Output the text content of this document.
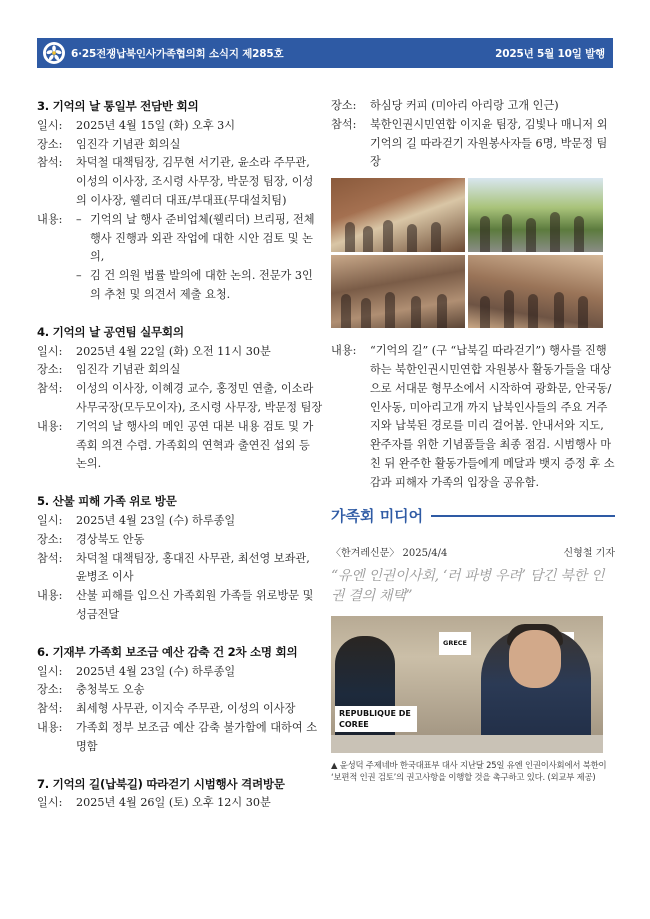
6·25전쟁납북인사가족협의회 소식지 제285호	2025년 5월 10일 발행
3. 기억의 날 통일부 전담반 회의
일시:	2025년 4월 15일 (화) 오후 3시
장소:	임진각 기념관 회의실
참석:	차덕철 대책팀장, 김무현 서기관, 윤소라 주무관, 이성의 이사장, 조시령 사무장, 박문정 팀장, 이성의 이사장, 웰리더 대표/부대표(무대설치팀)
내용:	– 기억의 날 행사 준비업체(웰리더) 브리핑, 전체 행사 진행과 외관 작업에 대한 시안 검토 및 논의,
– 김 건 의원 법률 발의에 대한 논의. 전문가 3인의 추천 및 의견서 제출 요청.
4. 기억의 날 공연팀 실무회의
일시:	2025년 4월 22일 (화) 오전 11시 30분
장소:	임진각 기념관 회의실
참석:	이성의 이사장, 이혜경 교수, 홍정민 연출, 이소라 사무국장(모두모이자), 조시령 사무장, 박문정 팀장
내용:	기억의 날 행사의 메인 공연 대본 내용 검토 및 가족회 의견 수렴. 가족회의 연혁과 출연진 섭외 등 논의.
5. 산불 피해 가족 위로 방문
일시:	2025년 4월 23일 (수) 하루종일
장소:	경상북도 안동
참석:	차덕철 대책팀장, 홍대진 사무관, 최선영 보좌관, 윤병조 이사
내용:	산불 피해를 입으신 가족회원 가족들 위로방문 및 성금전달
6. 기재부 가족회 보조금 예산 감축 건 2차 소명 회의
일시:	2025년 4월 23일 (수) 하루종일
장소:	충청북도 오송
참석:	최세형 사무관, 이지숙 주무관, 이성의 이사장
내용:	가족회 정부 보조금 예산 감축 불가함에 대하여 소명함
7. 기억의 길(납북길) 따라걷기 시범행사 격려방문
일시:	2025년 4월 26일 (토) 오후 12시 30분
장소:	하심당 커피 (미아리 아리랑 고개 인근)
참석:	북한인권시민연합 이지윤 팀장, 김빛나 매니저 외 기억의 길 따라걷기 자원봉사자들 6명, 박문정 팀장
내용:	“기억의 길” (구 “납북길 따라걷기”) 행사를 진행하는 북한인권시민연합 자원봉사 활동가들을 대상으로 서대문 형무소에서 시작하여 광화문, 안국동/인사동, 미아리고개 까지 납북인사들의 주요 거주지와 납북된 경로를 미리 걸어봄. 안내서와 지도, 완주자를 위한 기념품들을 최종 점검. 시범행사 마친 뒤 완주한 활동가들에게 메달과 뱃지 증정 후 소감과 피해자 가족의 입장을 공유함.
가족회 미디어
〈한겨레신문〉 2025/4/4	신형철 기자
“유엔 인권이사회, ‘러 파병 우려’ 담긴 북한 인권 결의 채택”
GRECE
REPUBLIQUE DE COREE
▲ 윤성덕 주제네바 한국대표부 대사 지난달 25일 유엔 인권이사회에서 북한이 ‘보편적 인권 검토’의 권고사항을 이행할 것을 촉구하고 있다. (외교부 제공)
